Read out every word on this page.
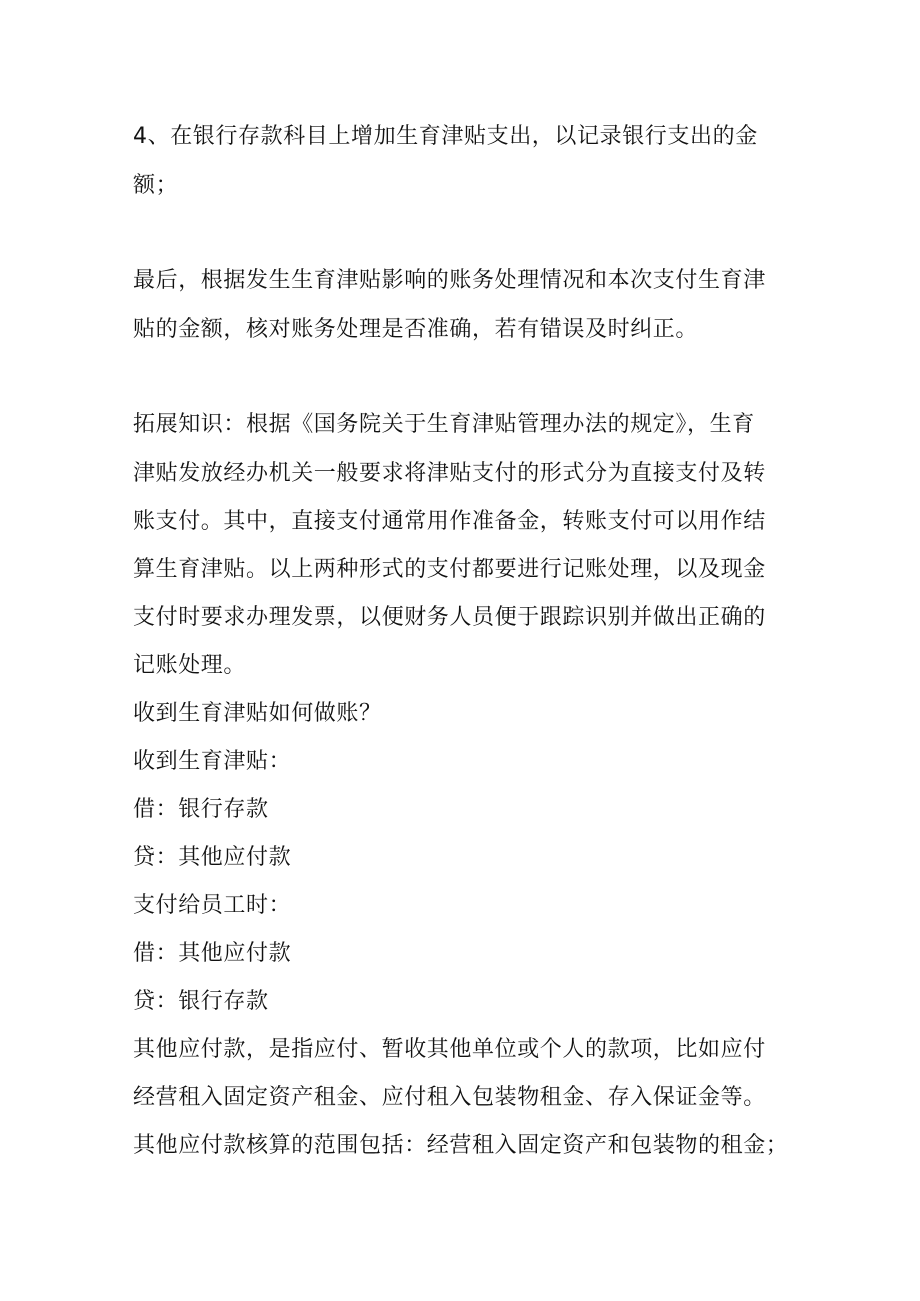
4、在银行存款科目上增加生育津贴支出，以记录银行支出的金
额；
最后，根据发生生育津贴影响的账务处理情况和本次支付生育津
贴的金额，核对账务处理是否准确，若有错误及时纠正。
拓展知识：根据《国务院关于生育津贴管理办法的规定》，生育
津贴发放经办机关一般要求将津贴支付的形式分为直接支付及转
账支付。其中，直接支付通常用作准备金，转账支付可以用作结
算生育津贴。以上两种形式的支付都要进行记账处理，以及现金
支付时要求办理发票，以便财务人员便于跟踪识别并做出正确的
记账处理。
收到生育津贴如何做账？
收到生育津贴：
借：银行存款
贷：其他应付款
支付给员工时：
借：其他应付款
贷：银行存款
其他应付款，是指应付、暂收其他单位或个人的款项，比如应付
经营租入固定资产租金、应付租入包装物租金、存入保证金等。
其他应付款核算的范围包括：经营租入固定资产和包装物的租金；
